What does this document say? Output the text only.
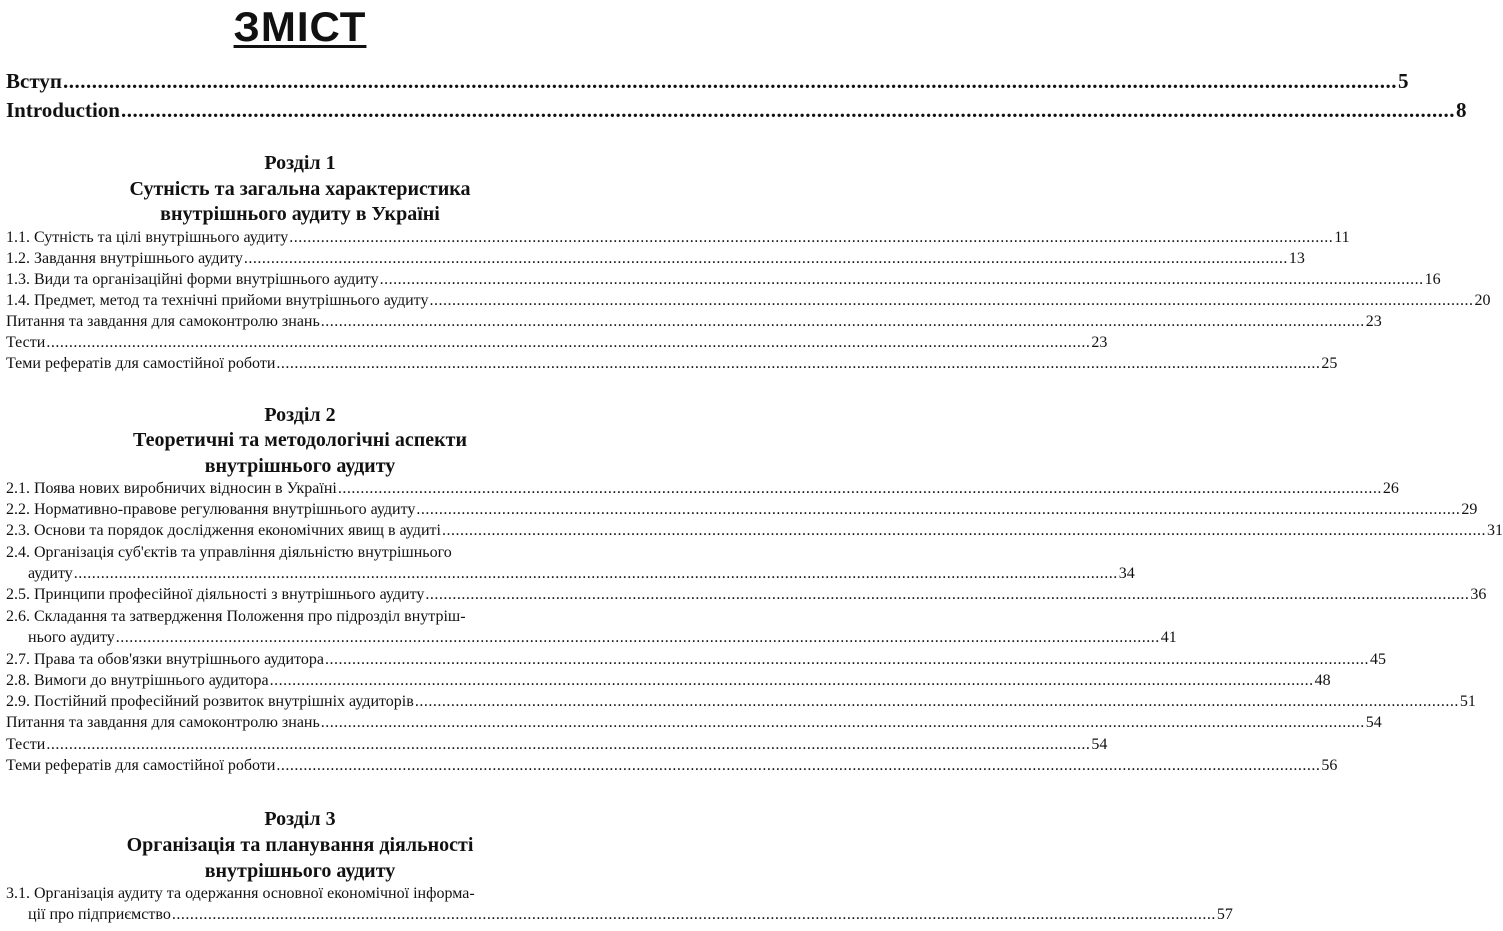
ЗМІСТ
Вступ .....	5
Introduction .....	8
Розділ 1
Сутність та загальна характеристика
внутрішнього аудиту в Україні
1.1. Сутність та цілі внутрішнього аудиту .....	11
1.2. Завдання внутрішнього аудиту .....	13
1.3. Види та організаційні форми внутрішнього аудиту .....	16
1.4. Предмет, метод та технічні прийоми внутрішнього аудиту .....	20
Питання та завдання для самоконтролю знань .....	23
Тести .....	23
Теми рефератів для самостійної роботи .....	25
Розділ 2
Теоретичні та методологічні аспекти
внутрішнього аудиту
2.1. Поява нових виробничих відносин в Україні .....	26
2.2. Нормативно-правове регулювання внутрішнього аудиту .....	29
2.3. Основи та порядок дослідження економічних явищ в аудиті .....	31
2.4. Організація суб'єктів та управління діяльністю внутрішнього
аудиту .....	34
2.5. Принципи професійної діяльності з внутрішнього аудиту .....	36
2.6. Складання та затвердження Положення про підрозділ внутріш-
нього аудиту .....	41
2.7. Права та обов'язки внутрішнього аудитора .....	45
2.8. Вимоги до внутрішнього аудитора .....	48
2.9. Постійний професійний розвиток внутрішніх аудиторів .....	51
Питання та завдання для самоконтролю знань .....	54
Тести .....	54
Теми рефератів для самостійної роботи .....	56
Розділ 3
Організація та планування діяльності
внутрішнього аудиту
3.1. Організація аудиту та одержання основної економічної інформа-
ції про підприємство .....	57
